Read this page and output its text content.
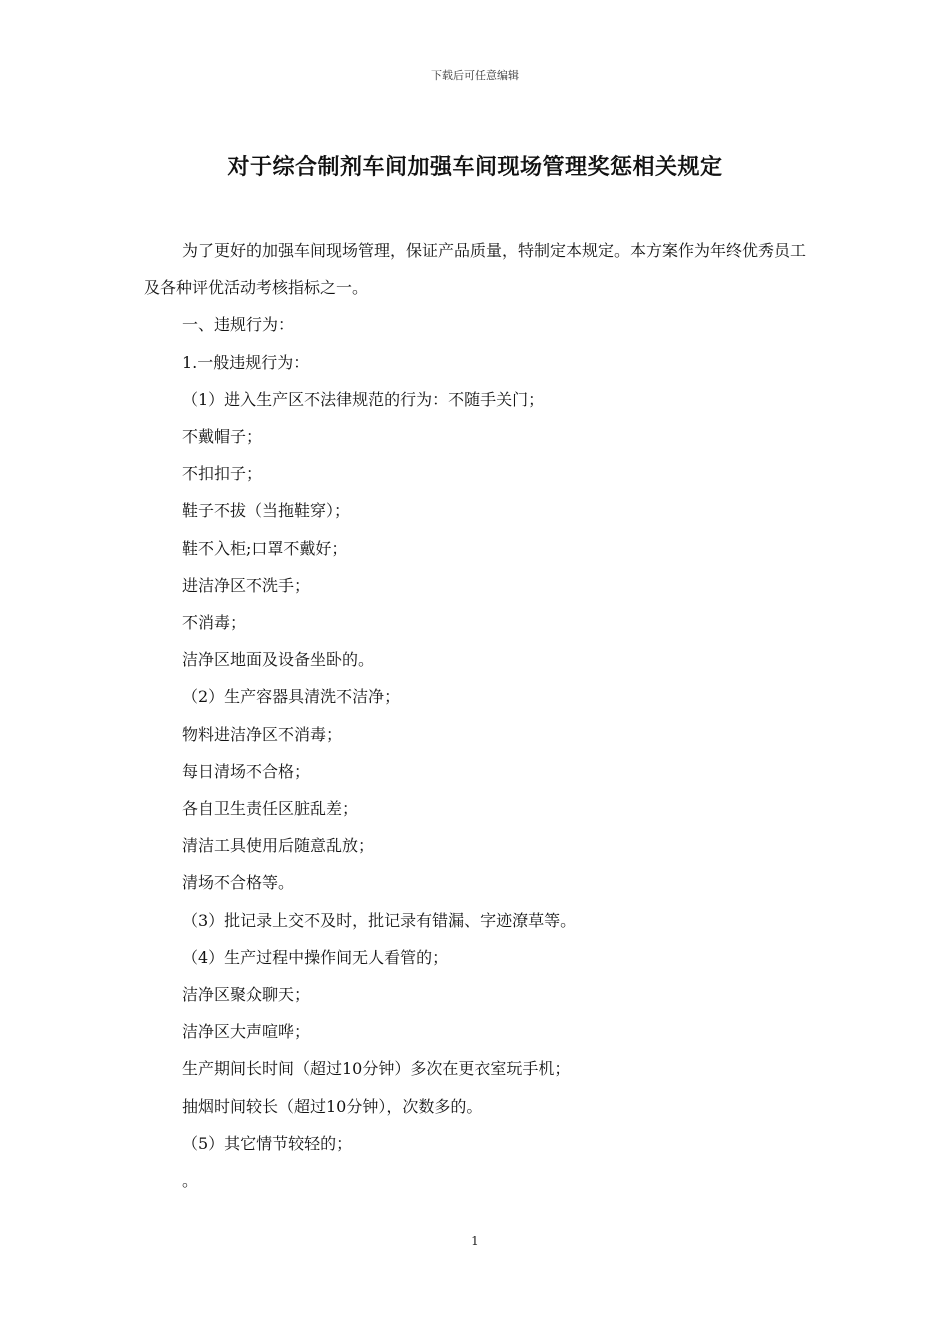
下载后可任意编辑
对于综合制剂车间加强车间现场管理奖惩相关规定

为了更好的加强车间现场管理，保证产品质量，特制定本规定。本方案作为年终优秀员工及各种评优活动考核指标之一。

一、违规行为：

1.一般违规行为：

（1）进入生产区不法律规范的行为：不随手关门；

不戴帽子；

不扣扣子；

鞋子不拔（当拖鞋穿）；

鞋不入柜;口罩不戴好；

进洁净区不洗手；

不消毒；

洁净区地面及设备坐卧的。

（2）生产容器具清洗不洁净；

物料进洁净区不消毒；

每日清场不合格；

各自卫生责任区脏乱差；

清洁工具使用后随意乱放；

清场不合格等。

（3）批记录上交不及时，批记录有错漏、字迹潦草等。

（4）生产过程中操作间无人看管的；

洁净区聚众聊天；

洁净区大声喧哗；

生产期间长时间（超过10分钟）多次在更衣室玩手机；

抽烟时间较长（超过10分钟），次数多的。

（5）其它情节较轻的；

。

1
